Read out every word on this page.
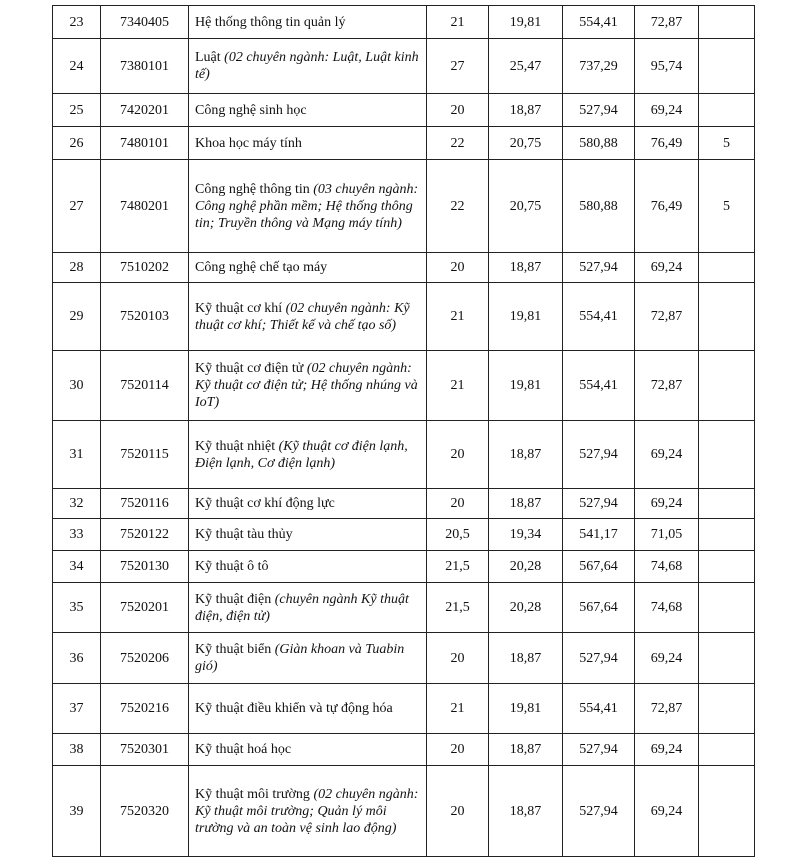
23	7340405	Hệ thống thông tin quản lý	21	19,81	554,41	72,87	
24	7380101	Luật (02 chuyên ngành: Luật, Luật kinh tế)	27	25,47	737,29	95,74	
25	7420201	Công nghệ sinh học	20	18,87	527,94	69,24	
26	7480101	Khoa học máy tính	22	20,75	580,88	76,49	5
27	7480201	Công nghệ thông tin (03 chuyên ngành: Công nghệ phần mềm; Hệ thống thông tin; Truyền thông và Mạng máy tính)	22	20,75	580,88	76,49	5
28	7510202	Công nghệ chế tạo máy	20	18,87	527,94	69,24	
29	7520103	Kỹ thuật cơ khí (02 chuyên ngành: Kỹ thuật cơ khí; Thiết kế và chế tạo số)	21	19,81	554,41	72,87	
30	7520114	Kỹ thuật cơ điện tử (02 chuyên ngành: Kỹ thuật cơ điện tử; Hệ thống nhúng và IoT)	21	19,81	554,41	72,87	
31	7520115	Kỹ thuật nhiệt (Kỹ thuật cơ điện lạnh, Điện lạnh, Cơ điện lạnh)	20	18,87	527,94	69,24	
32	7520116	Kỹ thuật cơ khí động lực	20	18,87	527,94	69,24	
33	7520122	Kỹ thuật tàu thủy	20,5	19,34	541,17	71,05	
34	7520130	Kỹ thuật ô tô	21,5	20,28	567,64	74,68	
35	7520201	Kỹ thuật điện (chuyên ngành Kỹ thuật điện, điện tử)	21,5	20,28	567,64	74,68	
36	7520206	Kỹ thuật biển (Giàn khoan và Tuabin gió)	20	18,87	527,94	69,24	
37	7520216	Kỹ thuật điều khiển và tự động hóa	21	19,81	554,41	72,87	
38	7520301	Kỹ thuật hoá học	20	18,87	527,94	69,24	
39	7520320	Kỹ thuật môi trường (02 chuyên ngành: Kỹ thuật môi trường; Quản lý môi trường và an toàn vệ sinh lao động)	20	18,87	527,94	69,24	
